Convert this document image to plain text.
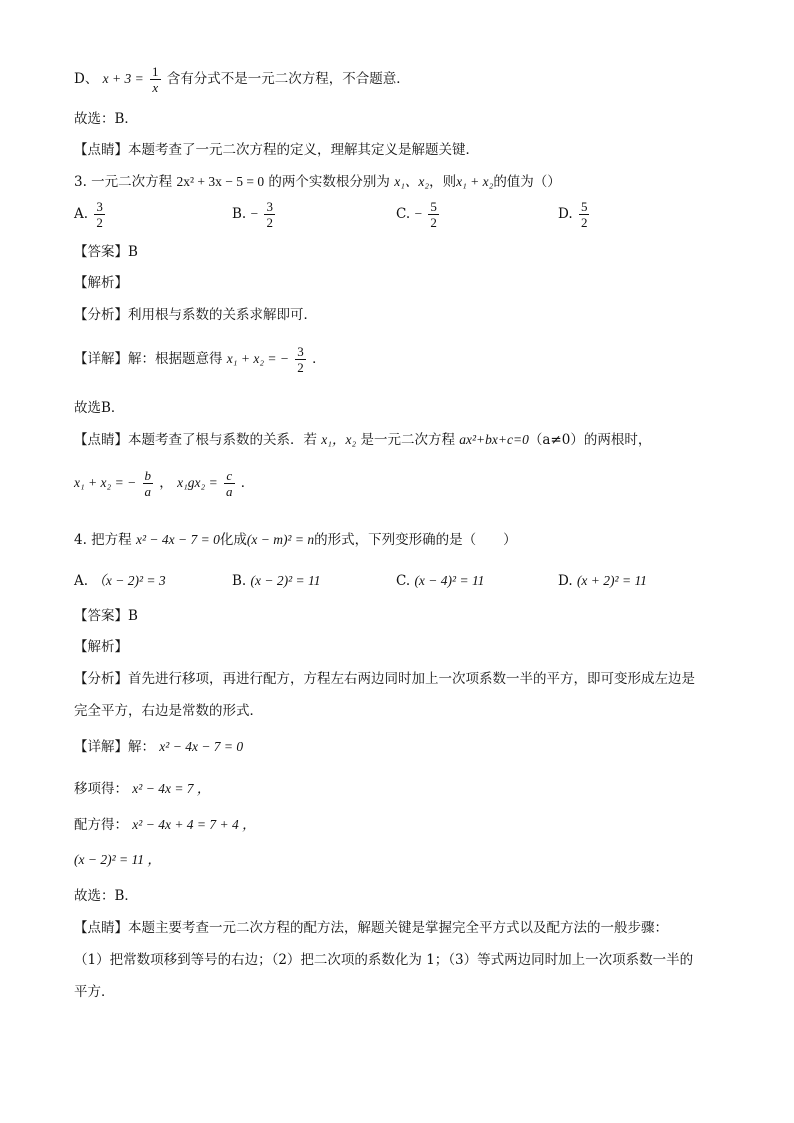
D、 $x + 3 = \frac{1}{x}$ 含有分式不是一元二次方程，不合题意．
故选：B．
【点睛】本题考查了一元二次方程的定义，理解其定义是解题关键．
3. 一元二次方程 2x² + 3x − 5 = 0 的两个实数根分别为 x₁、x₂，则x₁ + x₂的值为（）
A. $\frac{3}{2}$	B. − $\frac{3}{2}$	C. − $\frac{5}{2}$	D. $\frac{5}{2}$
【答案】B
【解析】
【分析】利用根与系数的关系求解即可．
【详解】解：根据题意得 x₁ + x₂ = − $\frac{3}{2}$ ．
故选B．
【点睛】本题考查了根与系数的关系．若 x₁，x₂ 是一元二次方程 ax²+bx+c=0（a≠0）的两根时，
x₁ + x₂ = − $\frac{b}{a}$ ， $x_1gx_2 = \frac{c}{a}$ ．
4. 把方程 x² − 4x − 7 = 0化成(x − m)² = n的形式，下列变形确的是（　　）
A. （x − 2)² = 3	B. (x − 2)² = 11	C. (x − 4)² = 11	D. (x + 2)² = 11
【答案】B
【解析】
【分析】首先进行移项，再进行配方，方程左右两边同时加上一次项系数一半的平方，即可变形成左边是
完全平方，右边是常数的形式．
【详解】解： x² − 4x − 7 = 0
移项得： x² − 4x = 7 ，
配方得： x² − 4x + 4 = 7 + 4 ，
(x − 2)² = 11 ，
故选：B．
【点睛】本题主要考查一元二次方程的配方法，解题关键是掌握完全平方式以及配方法的一般步骤：
（1）把常数项移到等号的右边；（2）把二次项的系数化为 1；（3）等式两边同时加上一次项系数一半的
平方．
